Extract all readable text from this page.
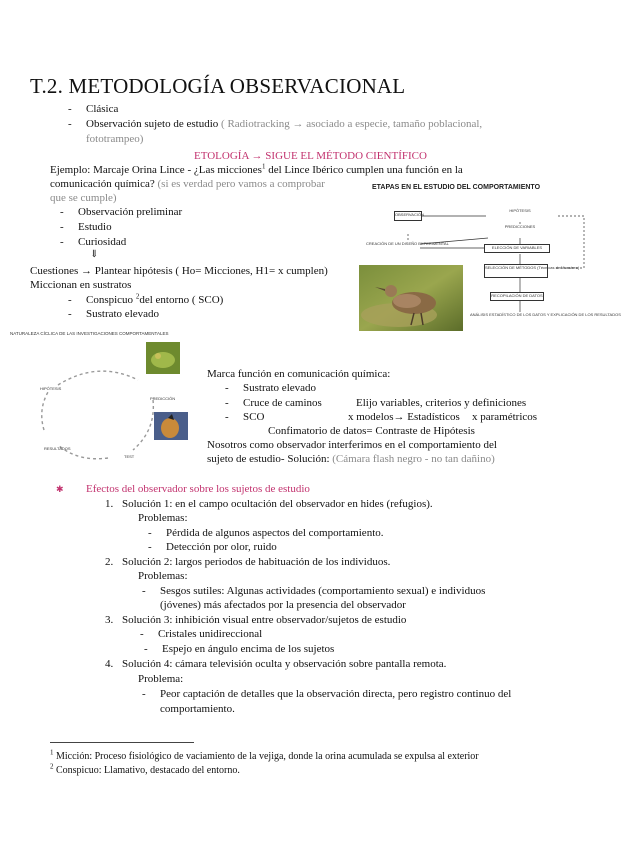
T.2. METODOLOGÍA OBSERVACIONAL
- Clásica
- Observación sujeto de estudio ( Radiotracking → asociado a especie, tamaño poblacional,
fototrampeo)
ETOLOGÍA → SIGUE EL MÉTODO CIENTÍFICO
Ejemplo: Marcaje Orina Lince - ¿Las micciones$^1$ del Lince Ibérico cumplen una función en la
comunicación química? (si es verdad pero vamos a comprobar
que se cumple)
- Observación preliminar
- Estudio
- Curiosidad
⇓
Cuestiones → Plantear hipótesis ( Ho= Micciones, H1= x cumplen)
Miccionan en sustratos
- Conspicuo $^2$del entorno ( SCO)
- Sustrato elevado
ETAPAS EN EL ESTUDIO DEL COMPORTAMIENTO
OBSERVACIÓN
HIPÓTESIS
PREDICCIONES
CREACIÓN DE UN DISEÑO EXPERIMENTAL
ELECCIÓN DE VARIABLES
SELECCIÓN DE MÉTODOS (Técnicas de Muestreo)
RECOPILACIÓN DE DATOS
ANÁLISIS ESTADÍSTICO DE LOS DATOS Y EXPLICACIÓN DE LOS RESULTADOS
NATURALEZA CÍCLICA DE LAS INVESTIGACIONES COMPORTAMENTALES
HIPÓTESIS
PREDICCIÓN
RESULTADOS
TEST
Marca función en comunicación química:
- Sustrato elevado
- Cruce de caminos	Elijo variables, criterios y definiciones
- SCO	x modelos→ Estadísticos x paramétricos
Confimatorio de datos= Contraste de Hipótesis
Nosotros como observador interferimos en el comportamiento del
sujeto de estudio- Solución: (Cámara flash negro - no tan dañino)
✱ Efectos del observador sobre los sujetos de estudio
1. Solución 1: en el campo ocultación del observador en hides (refugios).
Problemas:
- Pérdida de algunos aspectos del comportamiento.
- Detección por olor, ruido
2. Solución 2: largos periodos de habituación de los individuos.
Problemas:
- Sesgos sutiles: Algunas actividades (comportamiento sexual) e individuos
(jóvenes) más afectados por la presencia del observador
3. Solución 3: inhibición visual entre observador/sujetos de estudio
- Cristales unidireccional
- Espejo en ángulo encima de los sujetos
4. Solución 4: cámara televisión oculta y observación sobre pantalla remota.
Problema:
- Peor captación de detalles que la observación directa, pero registro continuo del
comportamiento.
$^1$ Micción: Proceso fisiológico de vaciamiento de la vejiga, donde la orina acumulada se expulsa al exterior
$^2$ Conspicuo: Llamativo, destacado del entorno.
